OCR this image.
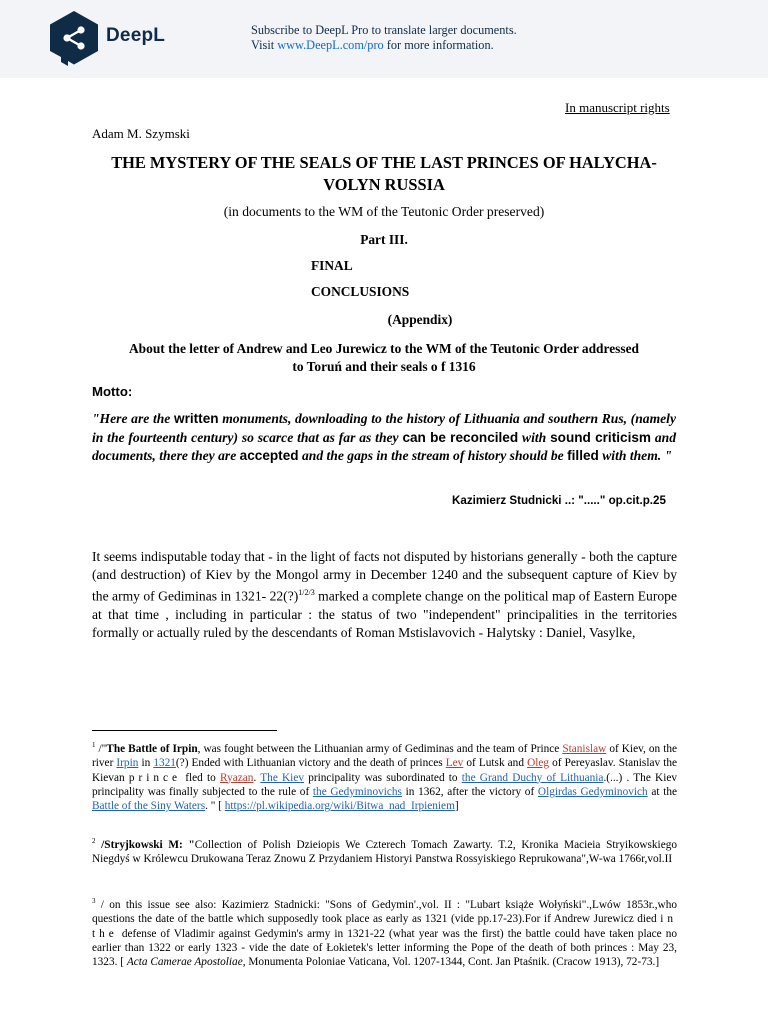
DeepL	Subscribe to DeepL Pro to translate larger documents.
Visit www.DeepL.com/pro for more information.
In manuscript rights
Adam M. Szymski
THE MYSTERY OF THE SEALS OF THE LAST PRINCES OF HALYCHA-VOLYN RUSSIA
(in documents to the WM of the Teutonic Order preserved)
Part III.
FINAL
CONCLUSIONS
(Appendix)
About the letter of Andrew and Leo Jurewicz to the WM of the Teutonic Order addressed
to Toruń and their seals o f 1316
Motto:
"Here are the written monuments, downloading to the history of Lithuania and southern Rus, (namely in the fourteenth century) so scarce that as far as they can be reconciled with sound criticism and documents, there they are accepted and the gaps in the stream of history should be filled with them. "
Kazimierz Studnicki ..: "....." op.cit.p.25
It seems indisputable today that - in the light of facts not disputed by historians generally - both the capture (and destruction) of Kiev by the Mongol army in December 1240 and the subsequent capture of Kiev by the army of Gediminas in 1321- 22(?)$^{1/2/3}$ marked a complete change on the political map of Eastern Europe at that time , including in particular : the status of two "independent" principalities in the territories formally or actually ruled by the descendants of Roman Mstislavovich - Halytsky : Daniel, Vasylke,
$^1$ /"The Battle of Irpin, was fought between the Lithuanian army of Gediminas and the team of Prince Stanislaw of Kiev, on the river Irpin in 1321(?) Ended with Lithuanian victory and the death of princes Lev of Lutsk and Oleg of Pereyaslav. Stanislav the Kievan prince fled to Ryazan. The Kiev principality was subordinated to the Grand Duchy of Lithuania.(...) . The Kiev principality was finally subjected to the rule of the Gedyminovichs in 1362, after the victory of Olgirdas Gedyminovich at the Battle of the Siny Waters. " [ https://pl.wikipedia.org/wiki/Bitwa_nad_Irpieniem]
$^2$ /Stryjkowski M: "Collection of Polish Dzieiopis We Czterech Tomach Zawarty. T.2, Kronika Macieia Stryikowskiego Niegdyś w Królewcu Drukowana Teraz Znowu Z Przydaniem Historyi Panstwa Rossyiskiego Reprukowana",W-wa 1766r,vol.II
$^3$ / on this issue see also: Kazimierz Stadnicki: "Sons of Gedymin'.,vol. II : "Lubart książe Wołyński".,Lwów 1853r.,who questions the date of the battle which supposedly took place as early as 1321 (vide pp.17-23).For if Andrew Jurewicz died in the defense of Vladimir against Gedymin's army in 1321-22 (what year was the first) the battle could have taken place no earlier than 1322 or early 1323 - vide the date of Łokietek's letter informing the Pope of the death of both princes : May 23, 1323. [ Acta Camerae Apostoliae, Monumenta Poloniae Vaticana, Vol. 1207-1344, Cont. Jan Ptaśnik. (Cracow 1913), 72-73.]
